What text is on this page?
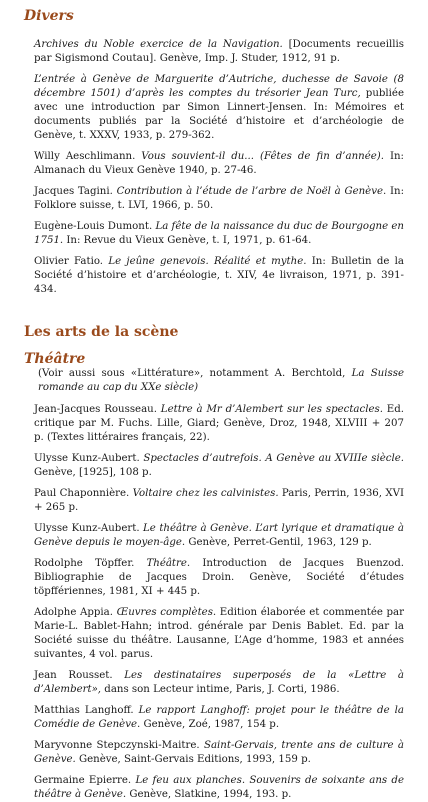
Divers

Archives du Noble exercice de la Navigation. [Documents recueillis par Sigismond Coutau]. Genève, Imp. J. Studer, 1912, 91 p.

L’entrée à Genève de Marguerite d’Autriche, duchesse de Savoie (8 décembre 1501) d’après les comptes du trésorier Jean Turc, publiée avec une introduction par Simon Linnert-Jensen. In: Mémoires et documents publiés par la Société d’histoire et d’archéologie de Genève, t. XXXV, 1933, p. 279-362.

Willy Aeschlimann. Vous souvient-il du... (Fêtes de fin d’année). In: Almanach du Vieux Genève 1940, p. 27-46.

Jacques Tagini. Contribution à l’étude de l’arbre de Noël à Genève. In: Folklore suisse, t. LVI, 1966, p. 50.

Eugène-Louis Dumont. La fête de la naissance du duc de Bourgogne en 1751. In: Revue du Vieux Genève, t. I, 1971, p. 61-64.

Olivier Fatio. Le jeûne genevois. Réalité et mythe. In: Bulletin de la Société d’histoire et d’archéologie, t. XIV, 4e livraison, 1971, p. 391-434.

Les arts de la scène
Théâtre

(Voir aussi sous «Littérature», notamment A. Berchtold, La Suisse romande au cap du XXe siècle)

Jean-Jacques Rousseau. Lettre à Mr d’Alembert sur les spectacles. Ed. critique par M. Fuchs. Lille, Giard; Genève, Droz, 1948, XLVIII + 207 p. (Textes littéraires français, 22).

Ulysse Kunz-Aubert. Spectacles d’autrefois. A Genève au XVIIIe siècle. Genève, [1925], 108 p.

Paul Chaponnière. Voltaire chez les calvinistes. Paris, Perrin, 1936, XVI + 265 p.

Ulysse Kunz-Aubert. Le théâtre à Genève. L’art lyrique et dramatique à Genève depuis le moyen-âge. Genève, Perret-Gentil, 1963, 129 p.

Rodolphe Töpffer. Théâtre. Introduction de Jacques Buenzod. Bibliographie de Jacques Droin. Genève, Société d’études töpffériennes, 1981, XI + 445 p.

Adolphe Appia. Œuvres complètes. Edition élaborée et commentée par Marie-L. Bablet-Hahn; introd. générale par Denis Bablet. Ed. par la Société suisse du théâtre. Lausanne, L’Age d’homme, 1983 et années suivantes, 4 vol. parus.

Jean Rousset. Les destinataires superposés de la «Lettre à d’Alembert», dans son Lecteur intime, Paris, J. Corti, 1986.

Matthias Langhoff. Le rapport Langhoff: projet pour le théâtre de la Comédie de Genève. Genève, Zoé, 1987, 154 p.

Maryvonne Stepczynski-Maitre. Saint-Gervais, trente ans de culture à Genève. Genève, Saint-Gervais Editions, 1993, 159 p.

Germaine Epierre. Le feu aux planches. Souvenirs de soixante ans de théâtre à Genève. Genève, Slatkine, 1994, 193. p.
